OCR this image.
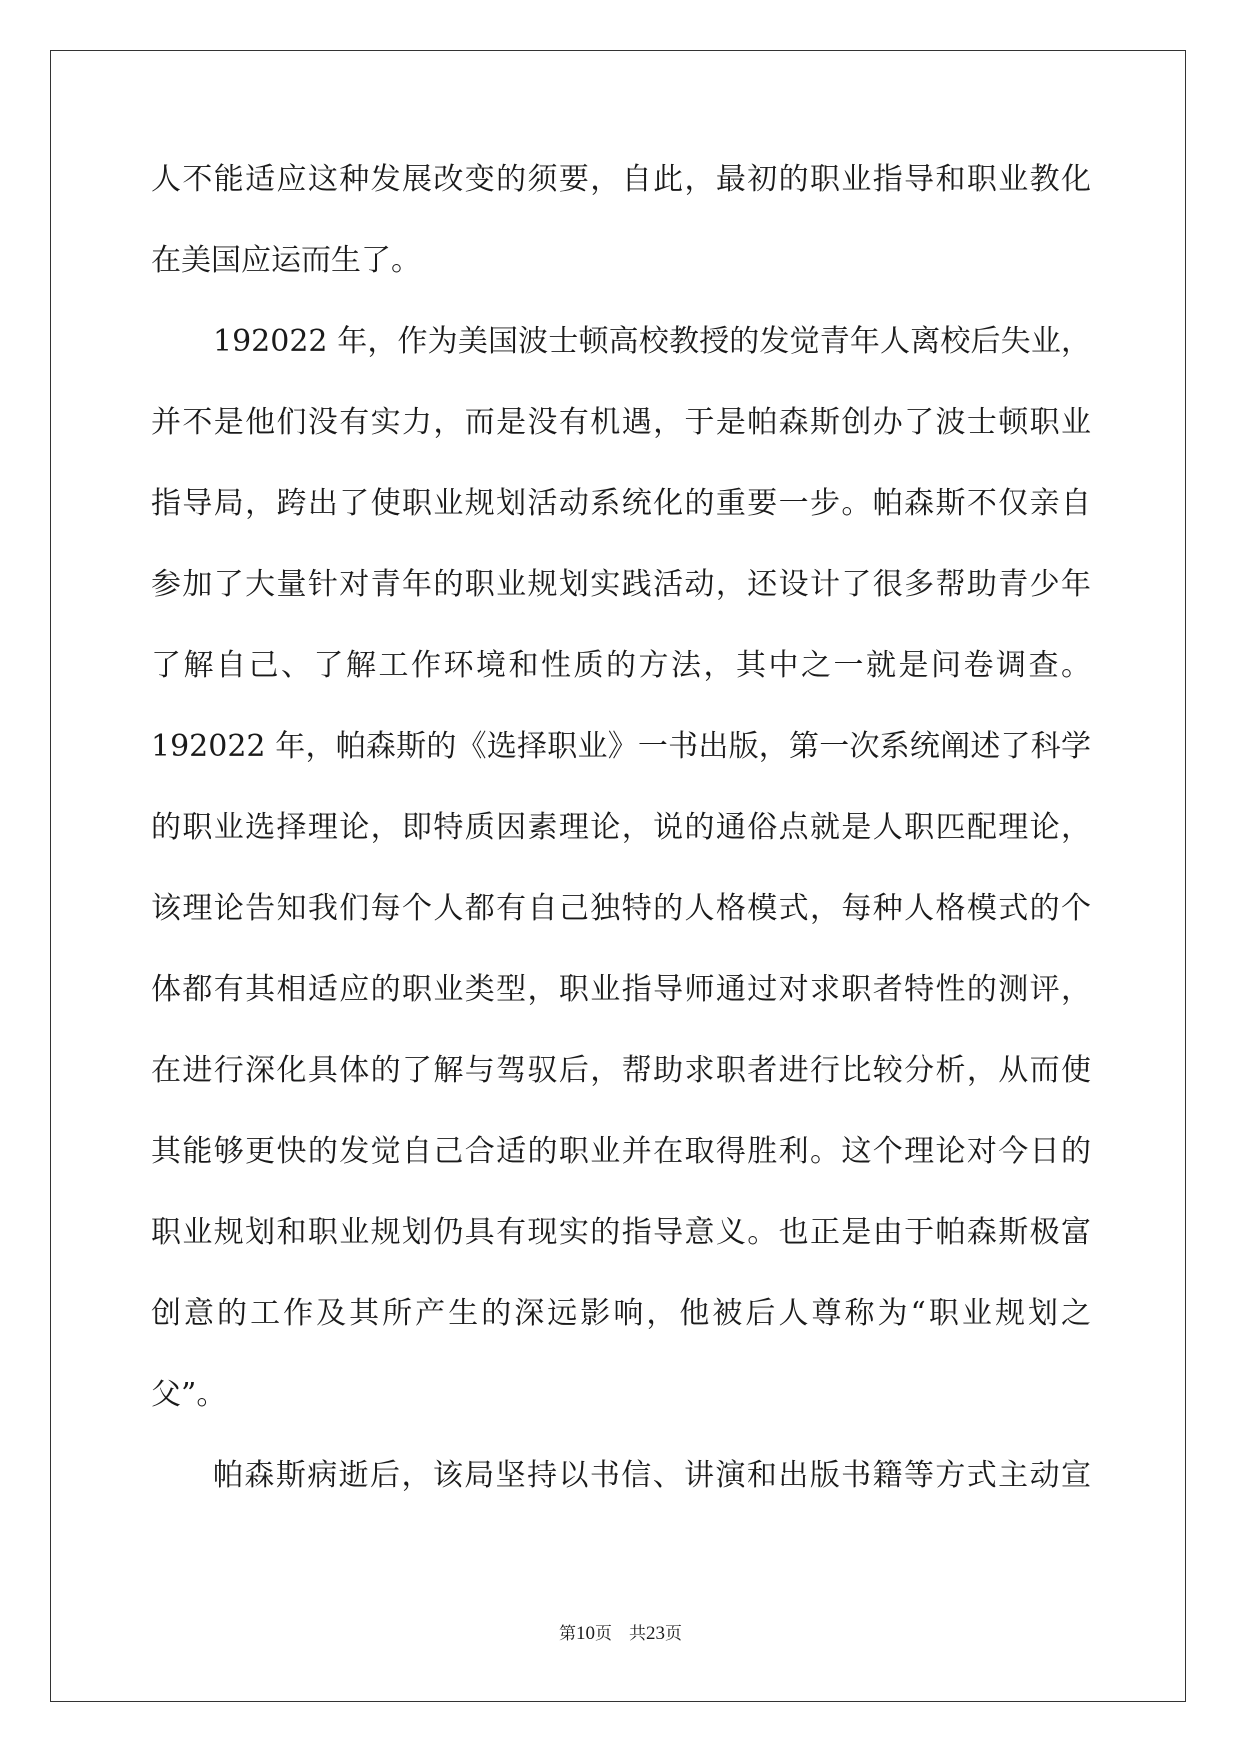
人不能适应这种发展改变的须要，自此，最初的职业指导和职业教化
在美国应运而生了。
192022 年，作为美国波士顿高校教授的发觉青年人离校后失业，
并不是他们没有实力，而是没有机遇，于是帕森斯创办了波士顿职业
指导局，跨出了使职业规划活动系统化的重要一步。帕森斯不仅亲自
参加了大量针对青年的职业规划实践活动，还设计了很多帮助青少年
了解自己、了解工作环境和性质的方法，其中之一就是问卷调查。
192022 年，帕森斯的《选择职业》一书出版，第一次系统阐述了科学
的职业选择理论，即特质因素理论，说的通俗点就是人职匹配理论，
该理论告知我们每个人都有自己独特的人格模式，每种人格模式的个
体都有其相适应的职业类型，职业指导师通过对求职者特性的测评，
在进行深化具体的了解与驾驭后，帮助求职者进行比较分析，从而使
其能够更快的发觉自己合适的职业并在取得胜利。这个理论对今日的
职业规划和职业规划仍具有现实的指导意义。也正是由于帕森斯极富
创意的工作及其所产生的深远影响，他被后人尊称为“职业规划之
父”。
帕森斯病逝后，该局坚持以书信、讲演和出版书籍等方式主动宣
第10页    共23页
